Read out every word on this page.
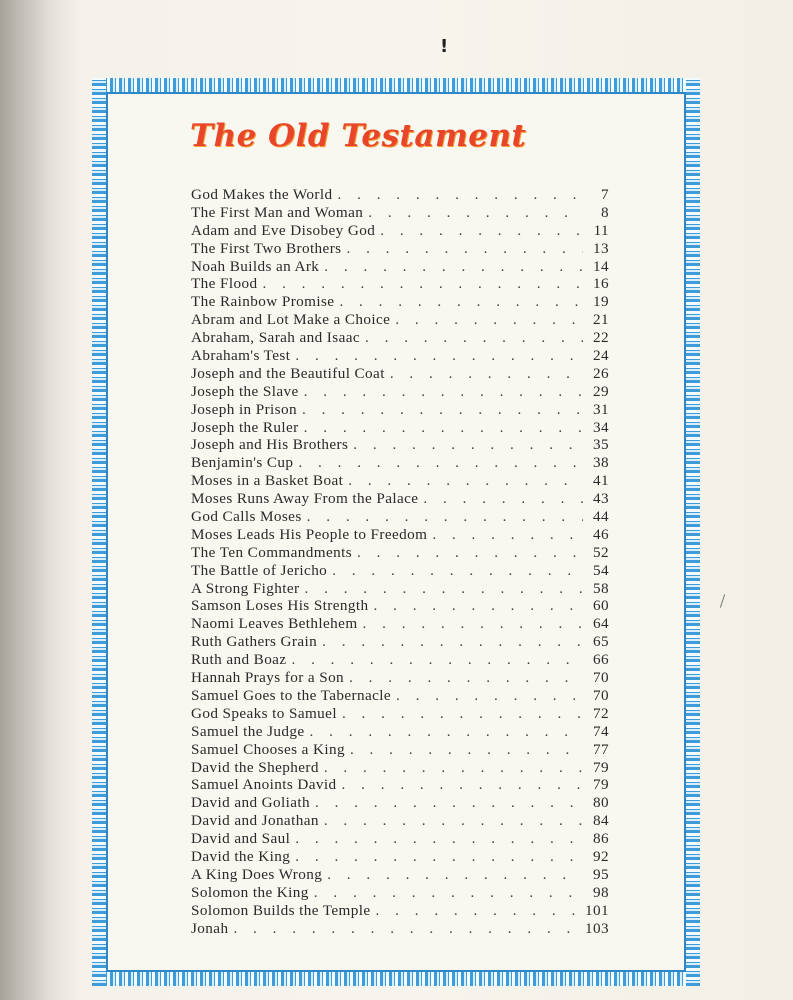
!
The Old Testament
God Makes the World . . .	7
The First Man and Woman . . .	8
Adam and Eve Disobey God . . .	11
The First Two Brothers . . .	13
Noah Builds an Ark . . .	14
The Flood . . .	16
The Rainbow Promise . . .	19
Abram and Lot Make a Choice . . .	21
Abraham, Sarah and Isaac . . .	22
Abraham's Test . . .	24
Joseph and the Beautiful Coat . . .	26
Joseph the Slave . . .	29
Joseph in Prison . . .	31
Joseph the Ruler . . .	34
Joseph and His Brothers . . .	35
Benjamin's Cup . . .	38
Moses in a Basket Boat . . .	41
Moses Runs Away From the Palace . . .	43
God Calls Moses . . .	44
Moses Leads His People to Freedom . . .	46
The Ten Commandments . . .	52
The Battle of Jericho . . .	54
A Strong Fighter . . .	58
Samson Loses His Strength . . .	60
Naomi Leaves Bethlehem . . .	64
Ruth Gathers Grain . . .	65
Ruth and Boaz . . .	66
Hannah Prays for a Son . . .	70
Samuel Goes to the Tabernacle . . .	70
God Speaks to Samuel . . .	72
Samuel the Judge . . .	74
Samuel Chooses a King . . .	77
David the Shepherd . . .	79
Samuel Anoints David . . .	79
David and Goliath . . .	80
David and Jonathan . . .	84
David and Saul . . .	86
David the King . . .	92
A King Does Wrong . . .	95
Solomon the King . . .	98
Solomon Builds the Temple . . .	101
Jonah . . .	103
